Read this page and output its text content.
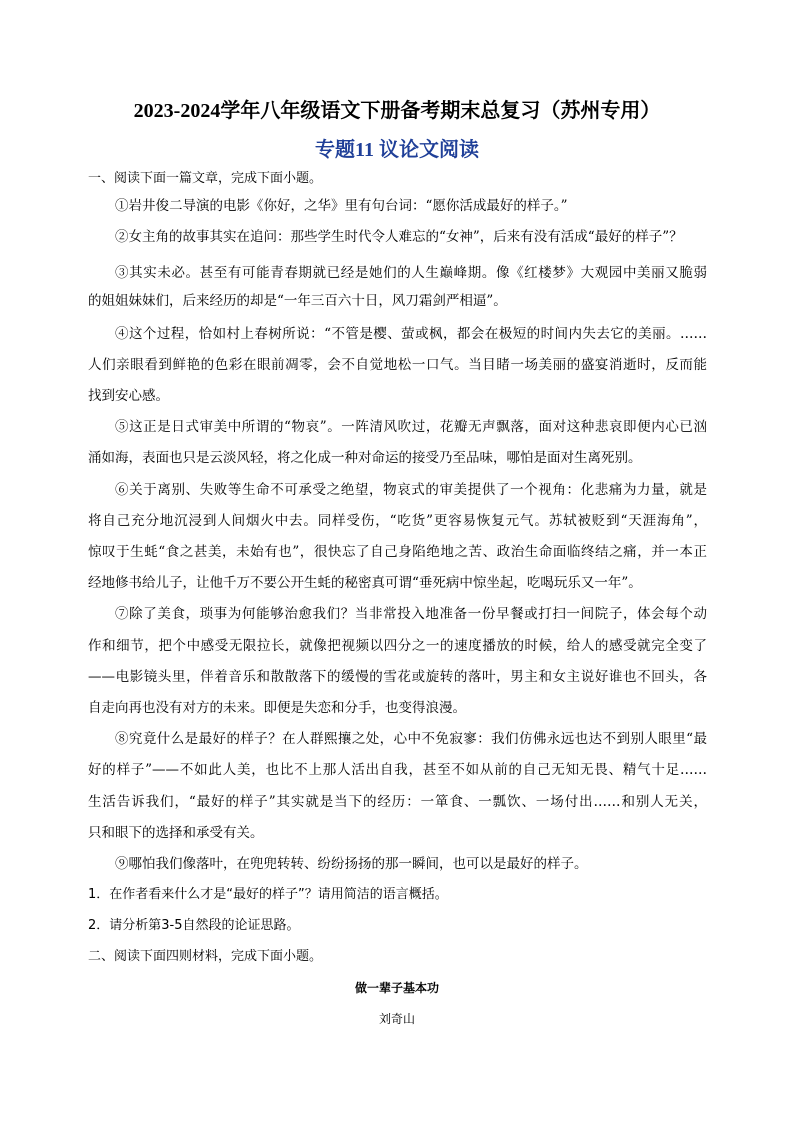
2023-2024学年八年级语文下册备考期末总复习（苏州专用）
专题11 议论文阅读
一、阅读下面一篇文章，完成下面小题。
①岩井俊二导演的电影《你好，之华》里有句台词：“愿你活成最好的样子。”
②女主角的故事其实在追问：那些学生时代令人难忘的“女神”，后来有没有活成“最好的样子”？
③其实未必。甚至有可能青春期就已经是她们的人生巅峰期。像《红楼梦》大观园中美丽又脆弱
的姐姐妹妹们，后来经历的却是“一年三百六十日，风刀霜剑严相逼”。
④这个过程，恰如村上春树所说：“不管是樱、萤或枫，都会在极短的时间内失去它的美丽。……
人们亲眼看到鲜艳的色彩在眼前凋零，会不自觉地松一口气。当目睹一场美丽的盛宴消逝时，反而能
找到安心感。
⑤这正是日式审美中所谓的“物哀”。一阵清风吹过，花瓣无声飘落，面对这种悲哀即便内心已汹
涌如海，表面也只是云淡风轻，将之化成一种对命运的接受乃至品味，哪怕是面对生离死别。
⑥关于离别、失败等生命不可承受之绝望，物哀式的审美提供了一个视角：化悲痛为力量，就是
将自己充分地沉浸到人间烟火中去。同样受伤，“吃货”更容易恢复元气。苏轼被贬到“天涯海角”，
惊叹于生蚝“食之甚美，未始有也”，很快忘了自己身陷绝地之苦、政治生命面临终结之痛，并一本正
经地修书给儿子，让他千万不要公开生蚝的秘密真可谓“垂死病中惊坐起，吃喝玩乐又一年”。
⑦除了美食，琐事为何能够治愈我们？当非常投入地准备一份早餐或打扫一间院子，体会每个动
作和细节，把个中感受无限拉长，就像把视频以四分之一的速度播放的时候，给人的感受就完全变了
——电影镜头里，伴着音乐和散散落下的缓慢的雪花或旋转的落叶，男主和女主说好谁也不回头，各
自走向再也没有对方的未来。即便是失恋和分手，也变得浪漫。
⑧究竟什么是最好的样子？在人群熙攘之处，心中不免寂寥：我们仿佛永远也达不到别人眼里“最
好的样子”——不如此人美，也比不上那人活出自我，甚至不如从前的自己无知无畏、精气十足……
生活告诉我们，“最好的样子”其实就是当下的经历：一箪食、一瓢饮、一场付出……和别人无关，
只和眼下的选择和承受有关。
⑨哪怕我们像落叶，在兜兜转转、纷纷扬扬的那一瞬间，也可以是最好的样子。
1．在作者看来什么才是“最好的样子”？请用简洁的语言概括。
2．请分析第3-5自然段的论证思路。
二、阅读下面四则材料，完成下面小题。
做一辈子基本功
刘奇山
